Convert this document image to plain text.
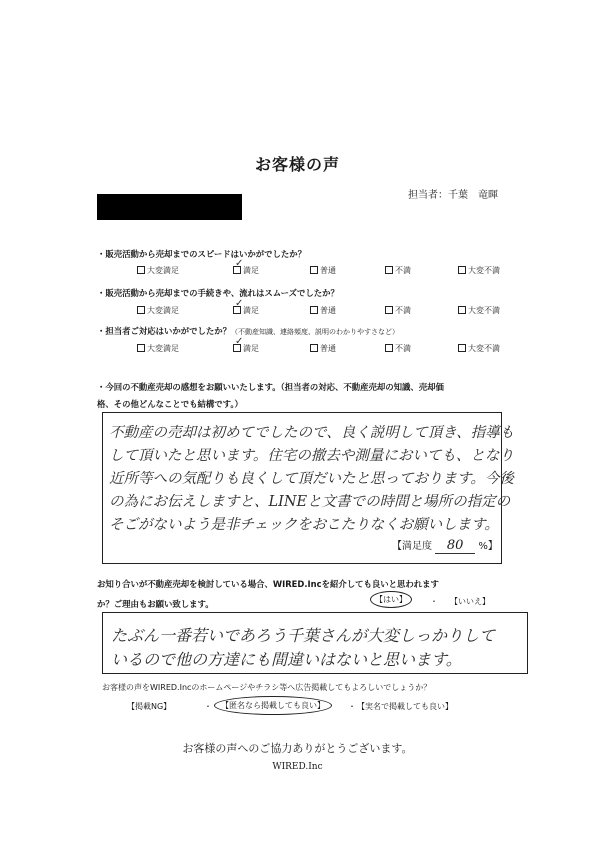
お客様の声
担当者：千葉　竜暉
・販売活動から売却までのスピードはいかがでしたか？
大変満足	満足
✓
普通	不満	大変不満
・販売活動から売却までの手続きや、流れはスムーズでしたか？
大変満足	満足
✓
普通	不満	大変不満
・担当者ご対応はいかがでしたか？（不動産知識、連絡頻度、説明のわかりやすさなど）
大変満足	満足
✓
普通	不満	大変不満
・今回の不動産売却の感想をお願いいたします。（担当者の対応、不動産売却の知識、売却価
格、その他どんなことでも結構です。）
不動産の売却は初めてでしたので、良く説明して頂き、指導も
して頂いたと思います。住宅の撤去や測量においても、となり
近所等への気配りも良くして頂だいたと思っております。今後
の為にお伝えしますと、LINEと文書での時間と場所の指定の
そごがないよう是非チェックをおこたりなくお願いします。
【満足度 80 %】
お知り合いが不動産売却を検討している場合、WIRED.Incを紹介しても良いと思われます
か？ご理由もお願い致します。	【はい】	・ 【いいえ】
たぶん一番若いであろう千葉さんが大変しっかりして
いるので他の方達にも間違いはないと思います。
お客様の声をWIRED.Incのホームページやチラシ等へ広告掲載してもよろしいでしょうか？
【掲載NG】	・	【匿名なら掲載しても良い】	・ 【実名で掲載しても良い】
お客様の声へのご協力ありがとうございます。
WIRED.Inc
